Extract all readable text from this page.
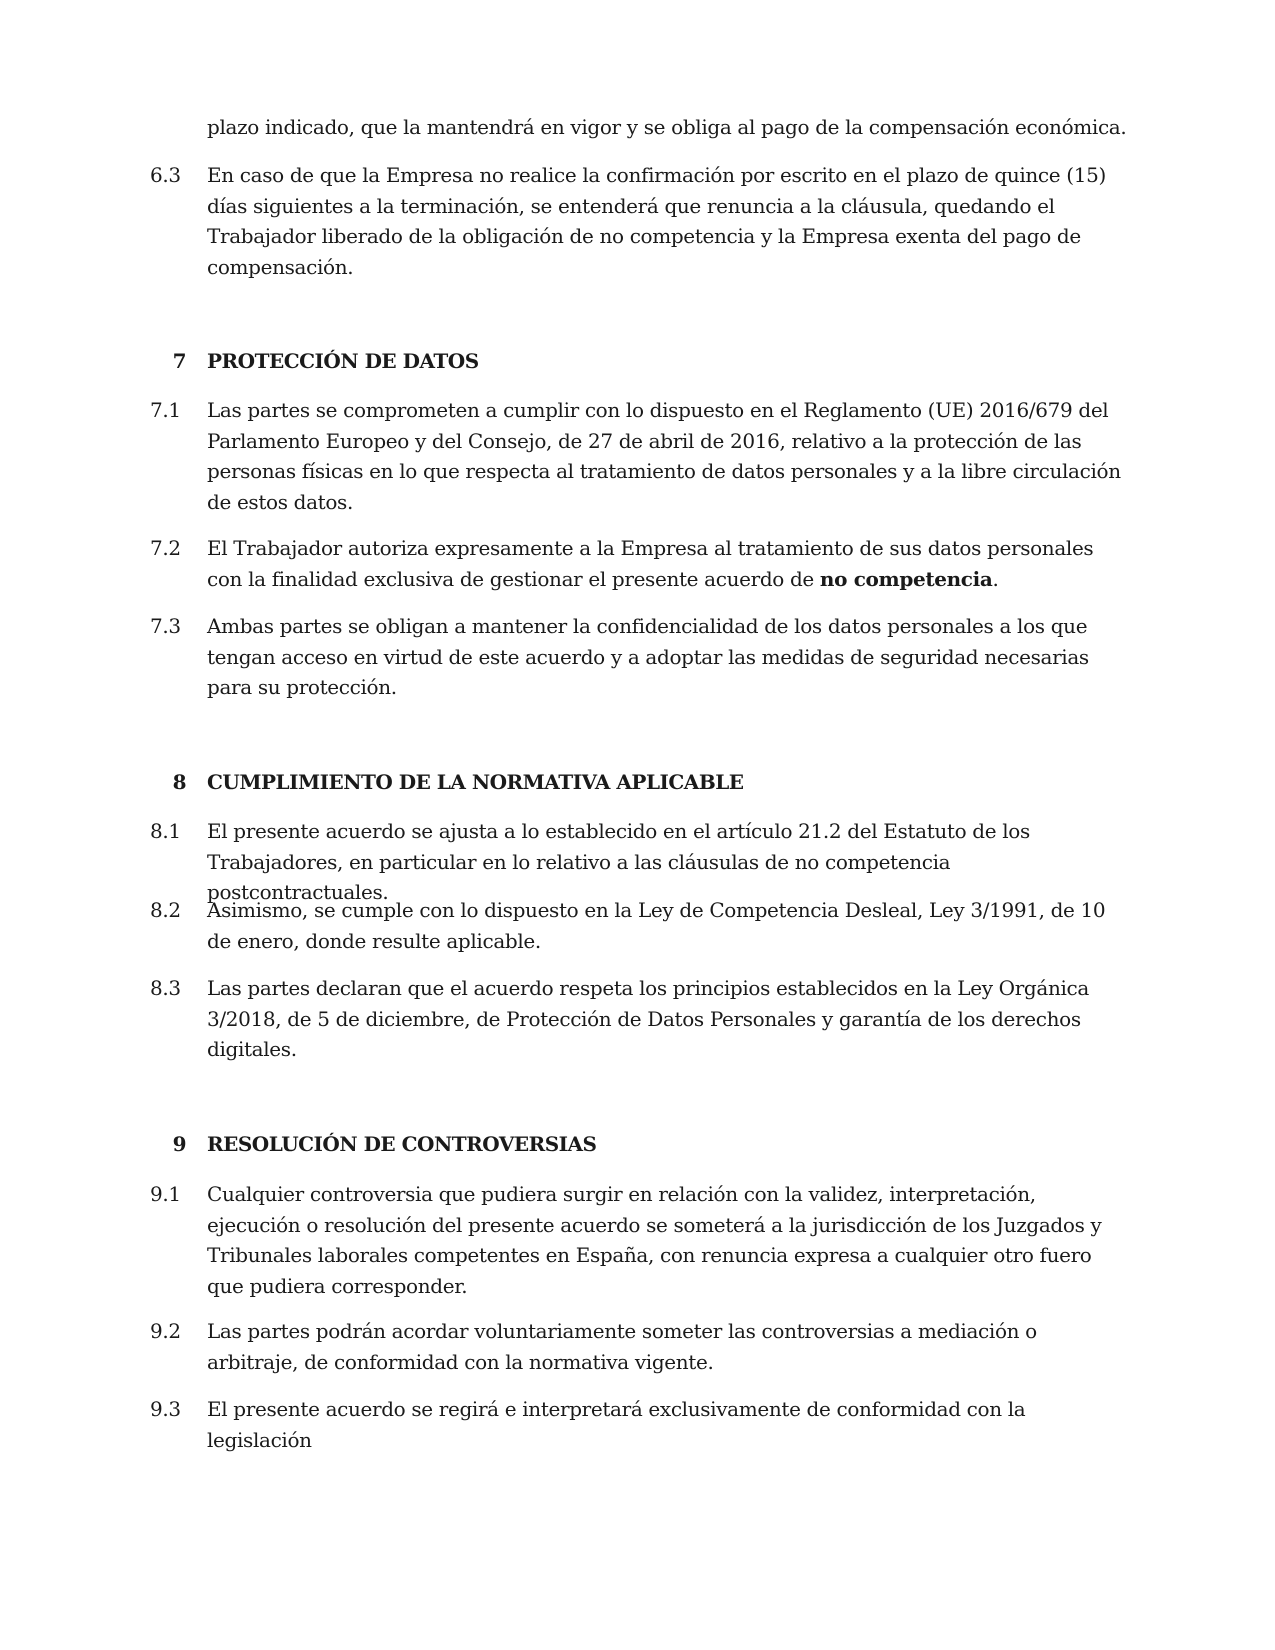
plazo indicado, que la mantendrá en vigor y se obliga al pago de la compensación económica.
6.3	En caso de que la Empresa no realice la confirmación por escrito en el plazo de quince (15) días siguientes a la terminación, se entenderá que renuncia a la cláusula, quedando el Trabajador liberado de la obligación de no competencia y la Empresa exenta del pago de compensación.
7 PROTECCIÓN DE DATOS
7.1	Las partes se comprometen a cumplir con lo dispuesto en el Reglamento (UE) 2016/679 del Parlamento Europeo y del Consejo, de 27 de abril de 2016, relativo a la protección de las personas físicas en lo que respecta al tratamiento de datos personales y a la libre circulación de estos datos.
7.2	El Trabajador autoriza expresamente a la Empresa al tratamiento de sus datos personales con la finalidad exclusiva de gestionar el presente acuerdo de no competencia.
7.3	Ambas partes se obligan a mantener la confidencialidad de los datos personales a los que tengan acceso en virtud de este acuerdo y a adoptar las medidas de seguridad necesarias para su protección.
8 CUMPLIMIENTO DE LA NORMATIVA APLICABLE
8.1	El presente acuerdo se ajusta a lo establecido en el artículo 21.2 del Estatuto de los Trabajadores, en particular en lo relativo a las cláusulas de no competencia postcontractuales.
8.2	Asimismo, se cumple con lo dispuesto en la Ley de Competencia Desleal, Ley 3/1991, de 10 de enero, donde resulte aplicable.
8.3	Las partes declaran que el acuerdo respeta los principios establecidos en la Ley Orgánica 3/2018, de 5 de diciembre, de Protección de Datos Personales y garantía de los derechos digitales.
9 RESOLUCIÓN DE CONTROVERSIAS
9.1	Cualquier controversia que pudiera surgir en relación con la validez, interpretación, ejecución o resolución del presente acuerdo se someterá a la jurisdicción de los Juzgados y Tribunales laborales competentes en España, con renuncia expresa a cualquier otro fuero que pudiera corresponder.
9.2	Las partes podrán acordar voluntariamente someter las controversias a mediación o arbitraje, de conformidad con la normativa vigente.
9.3	El presente acuerdo se regirá e interpretará exclusivamente de conformidad con la legislación
